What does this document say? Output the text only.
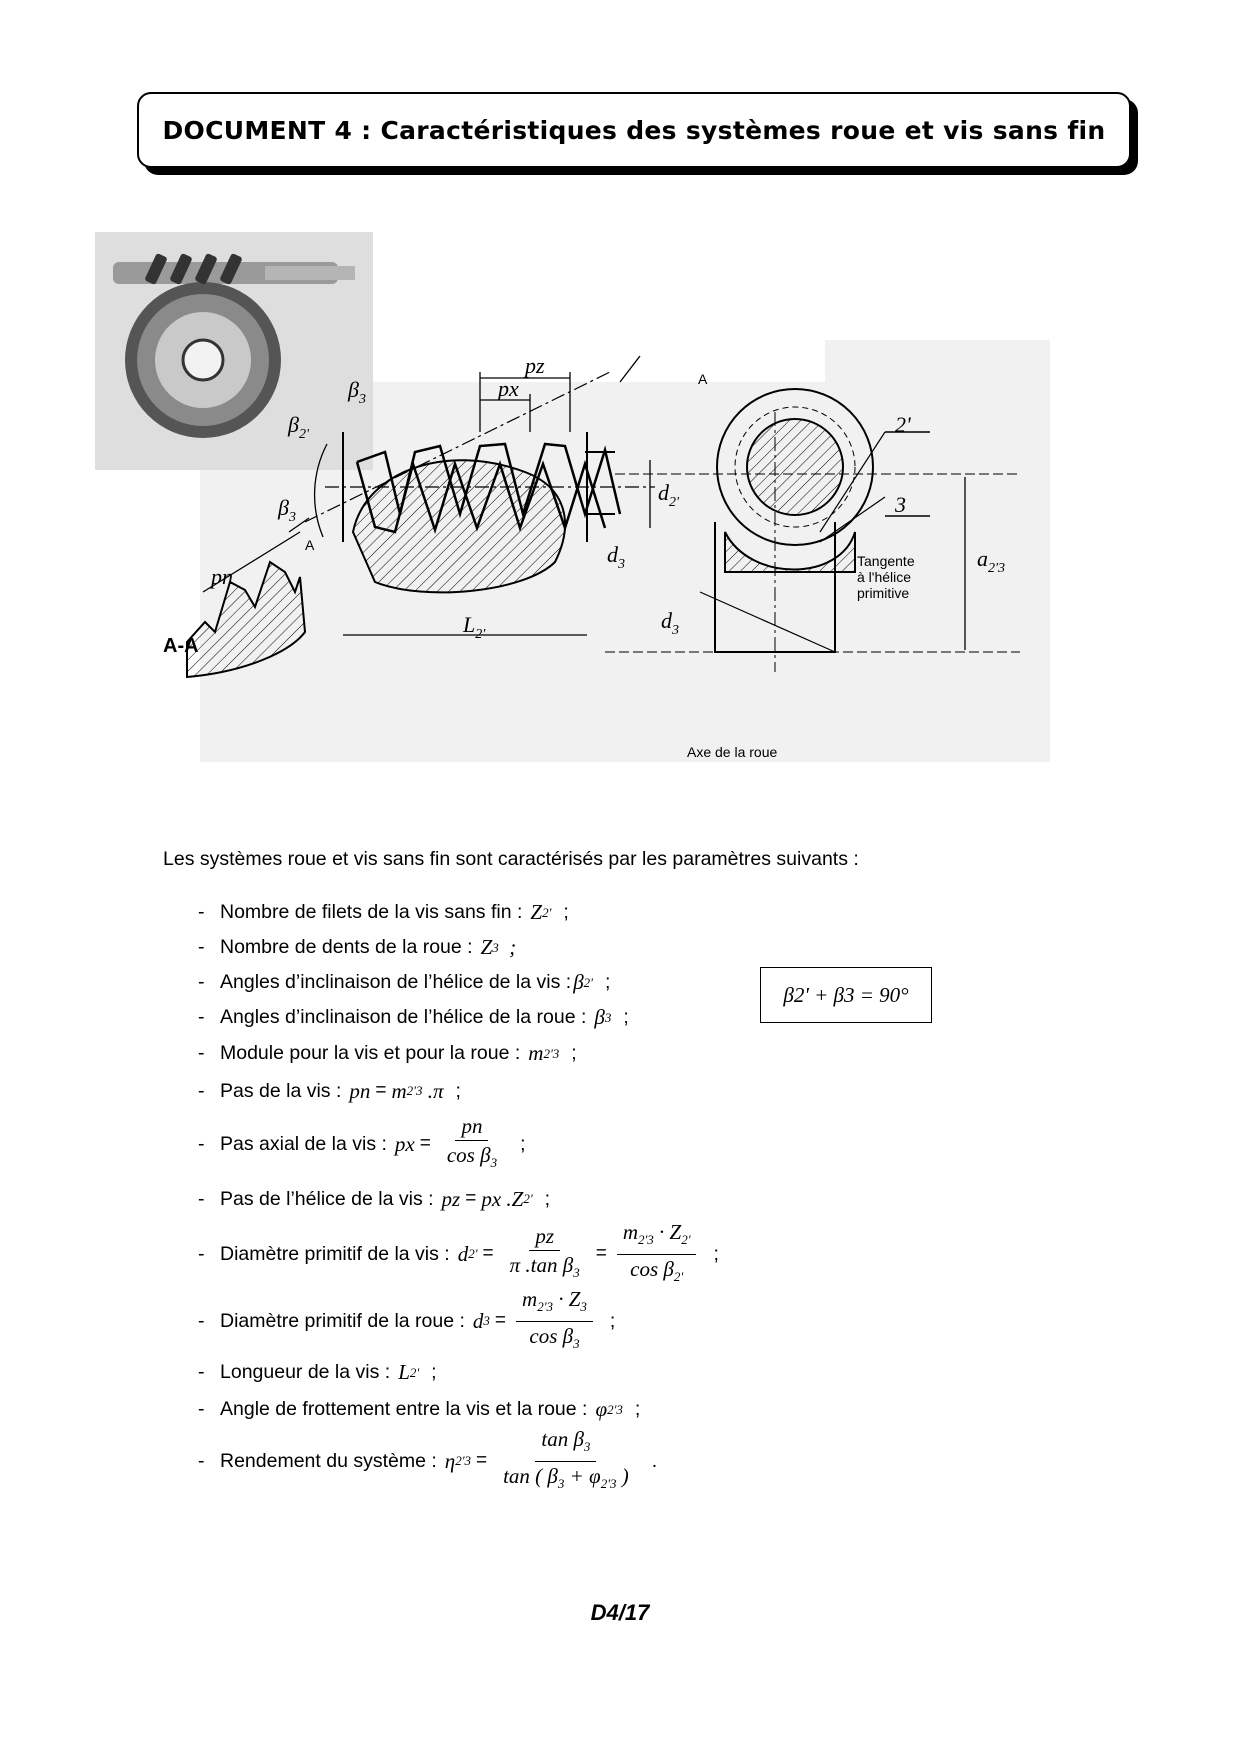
DOCUMENT 4 : Caractéristiques des systèmes roue et vis sans fin
pz
px
pn
$\beta_3$
$\beta_{2'}$
$\beta_3$
$d_{2'}$
$d_3$
$d_3$
$L_{2'}$
$a_{2'3}$
2'
3
A
A
Tangente
à l'hélice
primitive
Axe de la roue
A-A
Les systèmes roue et vis sans fin sont caractérisés par les paramètres suivants :
- Nombre de filets de la vis sans fin : Z 2' ;
- Nombre de dents de la roue : Z 3 ;
- Angles d’inclinaison de l’hélice de la vis : β 2' ;
- Angles d’inclinaison de l’hélice de la roue : β 3 ;
- Module pour la vis et pour la roue : m 2'3 ;
- Pas de la vis : pn = m 2'3 .π ;
- Pas axial de la vis : px = $\frac{pn}{\cos \beta_3}$ ;
- Pas de l’hélice de la vis : pz = px .Z 2' ;
- Diamètre primitif de la vis : d $2' = \frac{pz}{\pi .\tan \beta_3} = \frac{m_{2'3} \cdot Z_{2'}}{\cos \beta_{2'}}$ ;
- Diamètre primitif de la roue : d $3 = \frac{m_{2'3} \cdot Z_3}{\cos \beta_3}$ ;
- Longueur de la vis : L 2' ;
- Angle de frottement entre la vis et la roue : φ 2'3 ;
- Rendement du système : η $2'3 = \frac{\tan \beta_3}{\tan ( \beta_3 + \varphi_{2'3} )}$ .
β2' + β3 = 90°
D4/17
